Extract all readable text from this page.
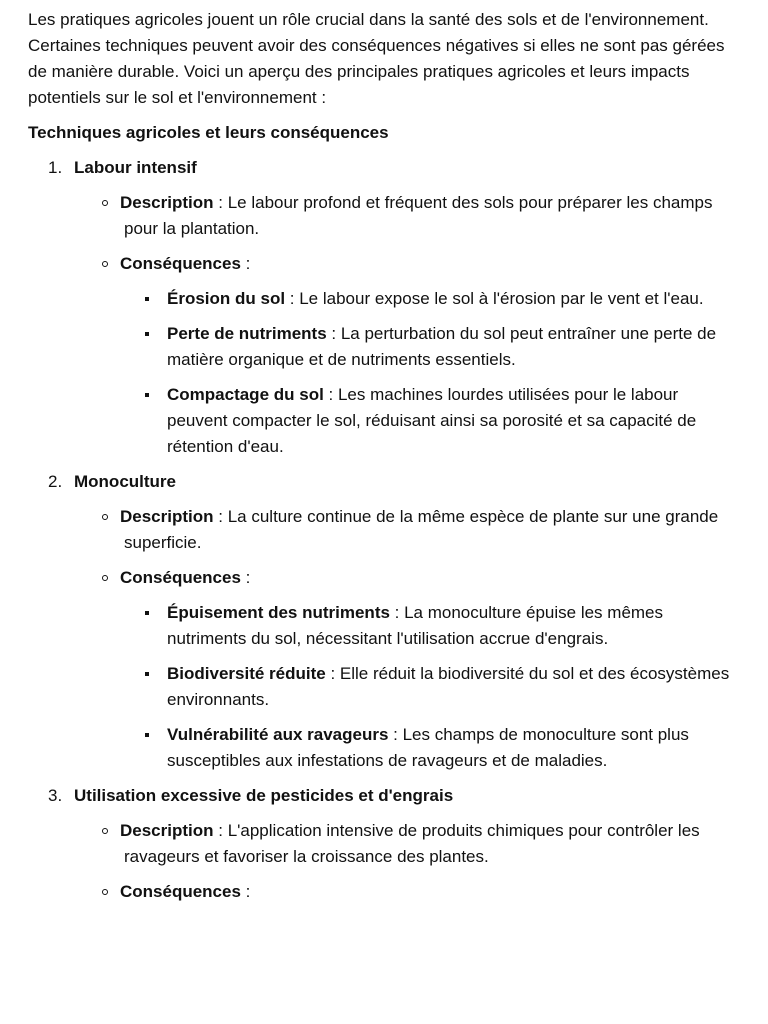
Les pratiques agricoles jouent un rôle crucial dans la santé des sols et de l'environnement. Certaines techniques peuvent avoir des conséquences négatives si elles ne sont pas gérées de manière durable. Voici un aperçu des principales pratiques agricoles et leurs impacts potentiels sur le sol et l'environnement :

Techniques agricoles et leurs conséquences
1. Labour intensif
Description : Le labour profond et fréquent des sols pour préparer les champs pour la plantation.
Conséquences :
Érosion du sol : Le labour expose le sol à l'érosion par le vent et l'eau.
Perte de nutriments : La perturbation du sol peut entraîner une perte de matière organique et de nutriments essentiels.
Compactage du sol : Les machines lourdes utilisées pour le labour peuvent compacter le sol, réduisant ainsi sa porosité et sa capacité de rétention d'eau.
2. Monoculture
Description : La culture continue de la même espèce de plante sur une grande superficie.
Conséquences :
Épuisement des nutriments : La monoculture épuise les mêmes nutriments du sol, nécessitant l'utilisation accrue d'engrais.
Biodiversité réduite : Elle réduit la biodiversité du sol et des écosystèmes environnants.
Vulnérabilité aux ravageurs : Les champs de monoculture sont plus susceptibles aux infestations de ravageurs et de maladies.
3. Utilisation excessive de pesticides et d'engrais
Description : L'application intensive de produits chimiques pour contrôler les ravageurs et favoriser la croissance des plantes.
Conséquences :
